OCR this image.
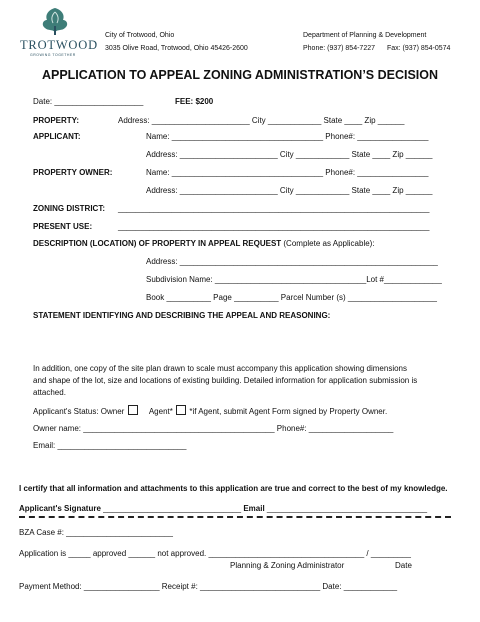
TROTWOOD
GROWING TOGETHER
City of Trotwood, Ohio
3035 Olive Road, Trotwood, Ohio 45426-2600
Department of Planning & Development
Phone: (937) 854-7227 Fax: (937) 854-0574
APPLICATION TO APPEAL ZONING ADMINISTRATION’S DECISION
Date: ____________________	FEE: $200
PROPERTY:	Address: ______________________ City ____________ State ____ Zip ______
APPLICANT:	Name: __________________________________ Phone#: ________________
Address: ______________________ City ____________ State ____ Zip ______
PROPERTY OWNER:	Name: __________________________________ Phone#: ________________
Address: ______________________ City ____________ State ____ Zip ______
ZONING DISTRICT: ______________________________________________________________________
PRESENT USE:	______________________________________________________________________
DESCRIPTION (LOCATION) OF PROPERTY IN APPEAL REQUEST (Complete as Applicable):
Address: __________________________________________________________
Subdivision Name: __________________________________Lot #_____________
Book __________ Page __________ Parcel Number (s) ____________________
STATEMENT IDENTIFYING AND DESCRIBING THE APPEAL AND REASONING:
In addition, one copy of the site plan drawn to scale must accompany this application showing dimensions
and shape of the lot, size and locations of existing building. Detailed information for application submission is
attached.
Applicant's Status: Owner	Agent* *if Agent, submit Agent Form signed by Property Owner.
Owner name: ___________________________________________ Phone#: ___________________
Email: _____________________________
I certify that all information and attachments to this application are true and correct to the best of my knowledge.
Applicant's Signature _______________________________ Email ____________________________________
BZA Case #: ________________________
Application is _____ approved ______ not approved. ___________________________________ / _________
Planning & Zoning Administrator	Date
Payment Method: _________________ Receipt #: ___________________________ Date: ____________
